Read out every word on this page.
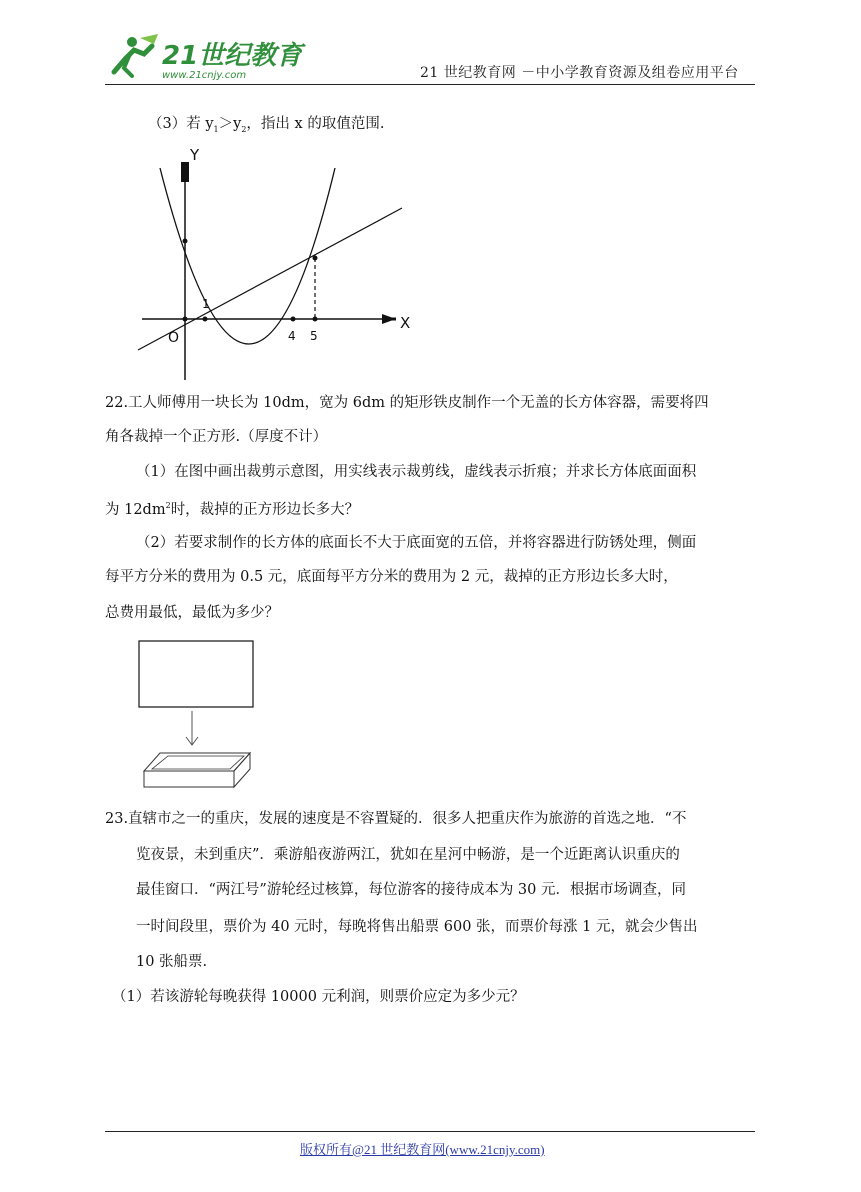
21世纪教育
www.21cnjy.com	21 世纪教育网 －中小学教育资源及组卷应用平台
（3）若 $y_1>y_2$，指出 x 的取值范围.
Y
X
O
1
4 5
22.工人师傅用一块长为 10dm，宽为 6dm 的矩形铁皮制作一个无盖的长方体容器，需要将四
角各裁掉一个正方形.（厚度不计）
（1）在图中画出裁剪示意图，用实线表示裁剪线，虚线表示折痕；并求长方体底面面积
为 $12dm^2$时，裁掉的正方形边长多大？
（2）若要求制作的长方体的底面长不大于底面宽的五倍，并将容器进行防锈处理，侧面
每平方分米的费用为 0.5 元，底面每平方分米的费用为 2 元，裁掉的正方形边长多大时，
总费用最低，最低为多少？
23.直辖市之一的重庆，发展的速度是不容置疑的．很多人把重庆作为旅游的首选之地．“不
览夜景，未到重庆”．乘游船夜游两江，犹如在星河中畅游，是一个近距离认识重庆的
最佳窗口．“两江号”游轮经过核算，每位游客的接待成本为 30 元．根据市场调查，同
一时间段里，票价为 40 元时，每晚将售出船票 600 张，而票价每涨 1 元，就会少售出
10 张船票.
（1）若该游轮每晚获得 10000 元利润，则票价应定为多少元？
版权所有@21 世纪教育网(www.21cnjy.com)
